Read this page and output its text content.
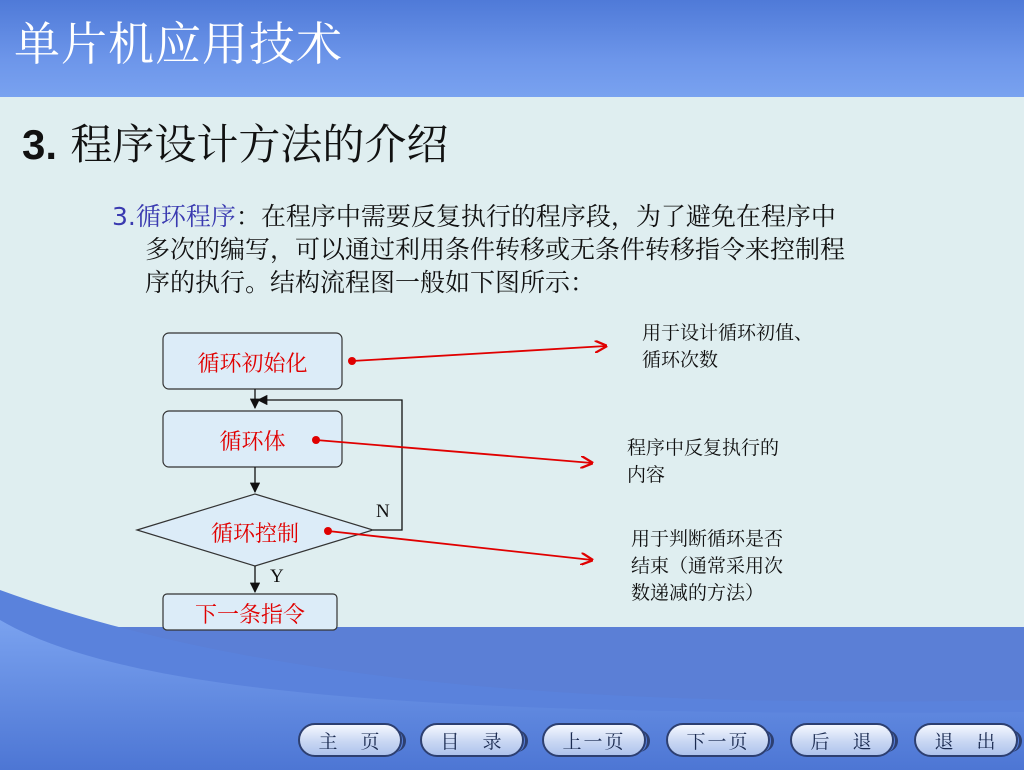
单片机应用技术
3. 程序设计方法的介绍
3.循环程序：在程序中需要反复执行的程序段，为了避免在程序中
多次的编写，可以通过利用条件转移或无条件转移指令来控制程
序的执行。结构流程图一般如下图所示：
循环初始化
循环体
循环控制
下一条指令
N
Y
用于设计循环初值、
循环次数
程序中反复执行的
内容
用于判断循环是否
结束（通常采用次
数递减的方法）
主　页	目　录	上一页	下一页	后　退	退　出
